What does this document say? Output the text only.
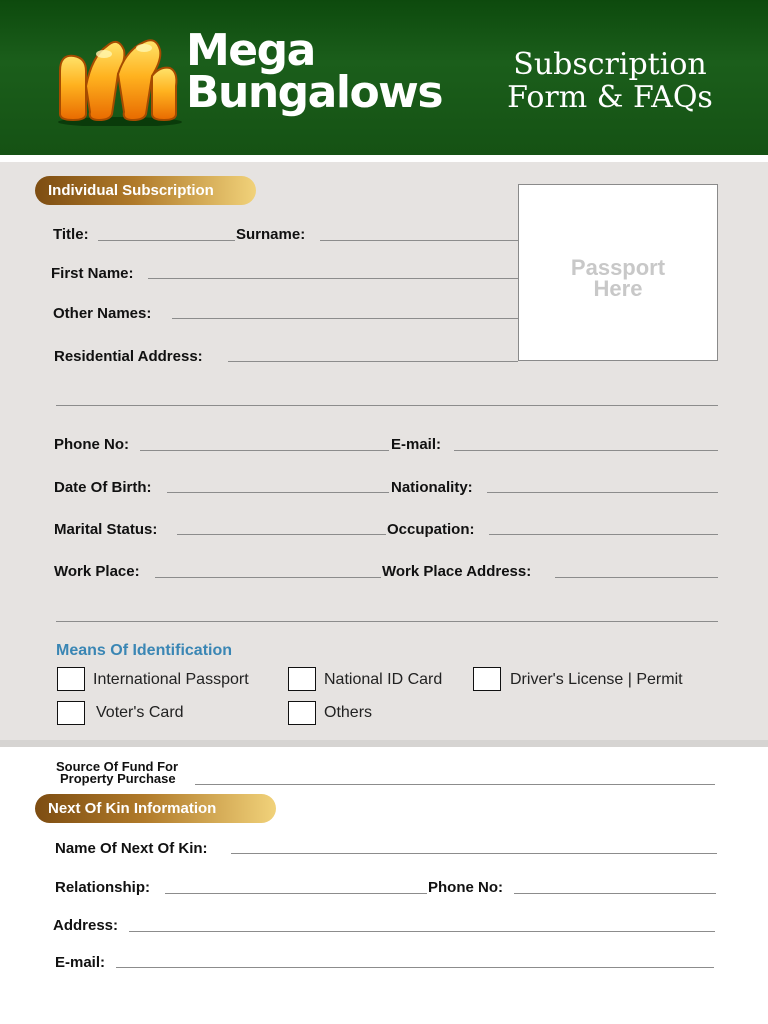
Mega
Bungalows
Subscription
Form & FAQs
Individual Subscription
Passport
Here
Title:	Surname:
First Name:
Other Names:
Residential Address:
Phone No:	E-mail:
Date Of Birth:	Nationality:
Marital Status:	Occupation:
Work Place:	Work Place Address:
Means Of Identification
International Passport	National ID Card	Driver's License | Permit
Voter's Card	Others
Source Of Fund For
Property Purchase
Next Of Kin Information
Name Of Next Of Kin:
Relationship:	Phone No:
Address:
E-mail:
